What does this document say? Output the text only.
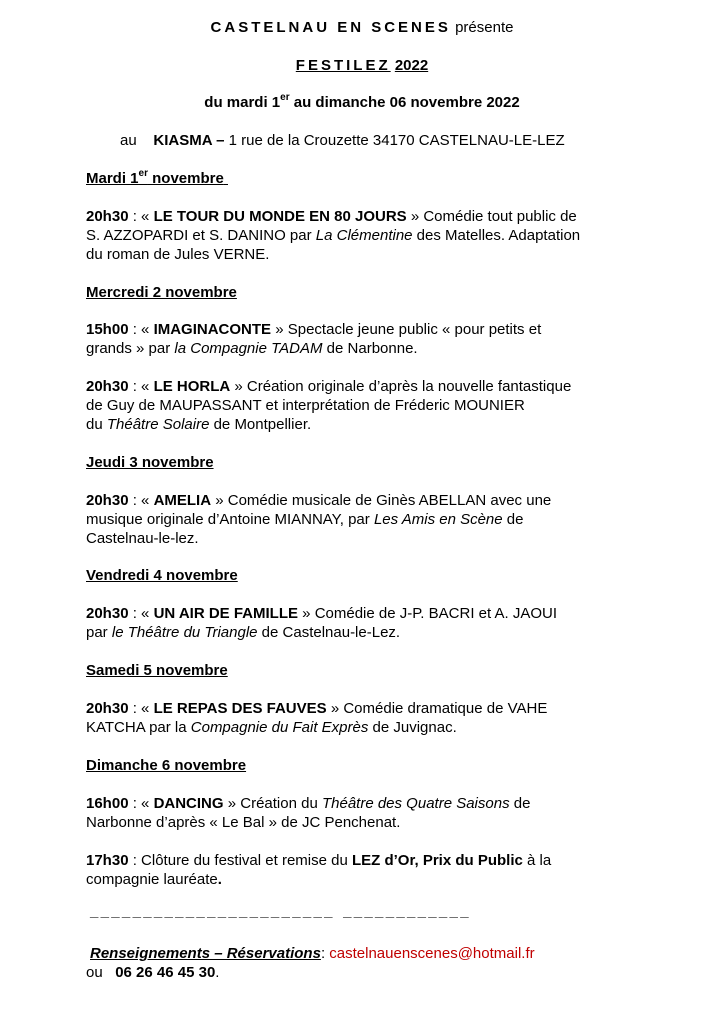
CASTELNAU EN SCENES présente
FESTILEZ 2022
du mardi 1er au dimanche 06 novembre 2022
au KIASMA – 1 rue de la Crouzette 34170 CASTELNAU-LE-LEZ
Mardi 1er novembre
20h30 : « LE TOUR DU MONDE EN 80 JOURS » Comédie tout public de
S. AZZOPARDI et S. DANINO par La Clémentine des Matelles. Adaptation
du roman de Jules VERNE.
Mercredi 2 novembre
15h00 : « IMAGINACONTE » Spectacle jeune public « pour petits et
grands » par la Compagnie TADAM de Narbonne.
20h30 : « LE HORLA » Création originale d’après la nouvelle fantastique
de Guy de MAUPASSANT et interprétation de Fréderic MOUNIER
du Théâtre Solaire de Montpellier.
Jeudi 3 novembre
20h30 : « AMELIA » Comédie musicale de Ginès ABELLAN avec une
musique originale d’Antoine MIANNAY, par Les Amis en Scène de
Castelnau-le-lez.
Vendredi 4 novembre
20h30 : « UN AIR DE FAMILLE » Comédie de J-P. BACRI et A. JAOUI
par le Théâtre du Triangle de Castelnau-le-Lez.
Samedi 5 novembre
20h30 : « LE REPAS DES FAUVES » Comédie dramatique de VAHE
KATCHA par la Compagnie du Fait Exprès de Juvignac.
Dimanche 6 novembre
16h00 : « DANCING » Création du Théâtre des Quatre Saisons de
Narbonne d’après « Le Bal » de JC Penchenat.
17h30 : Clôture du festival et remise du LEZ d’Or, Prix du Public à la
compagnie lauréate.
_______________________ ____________
Renseignements – Réservations: castelnauenscenes@hotmail.fr
ou 06 26 46 45 30.
